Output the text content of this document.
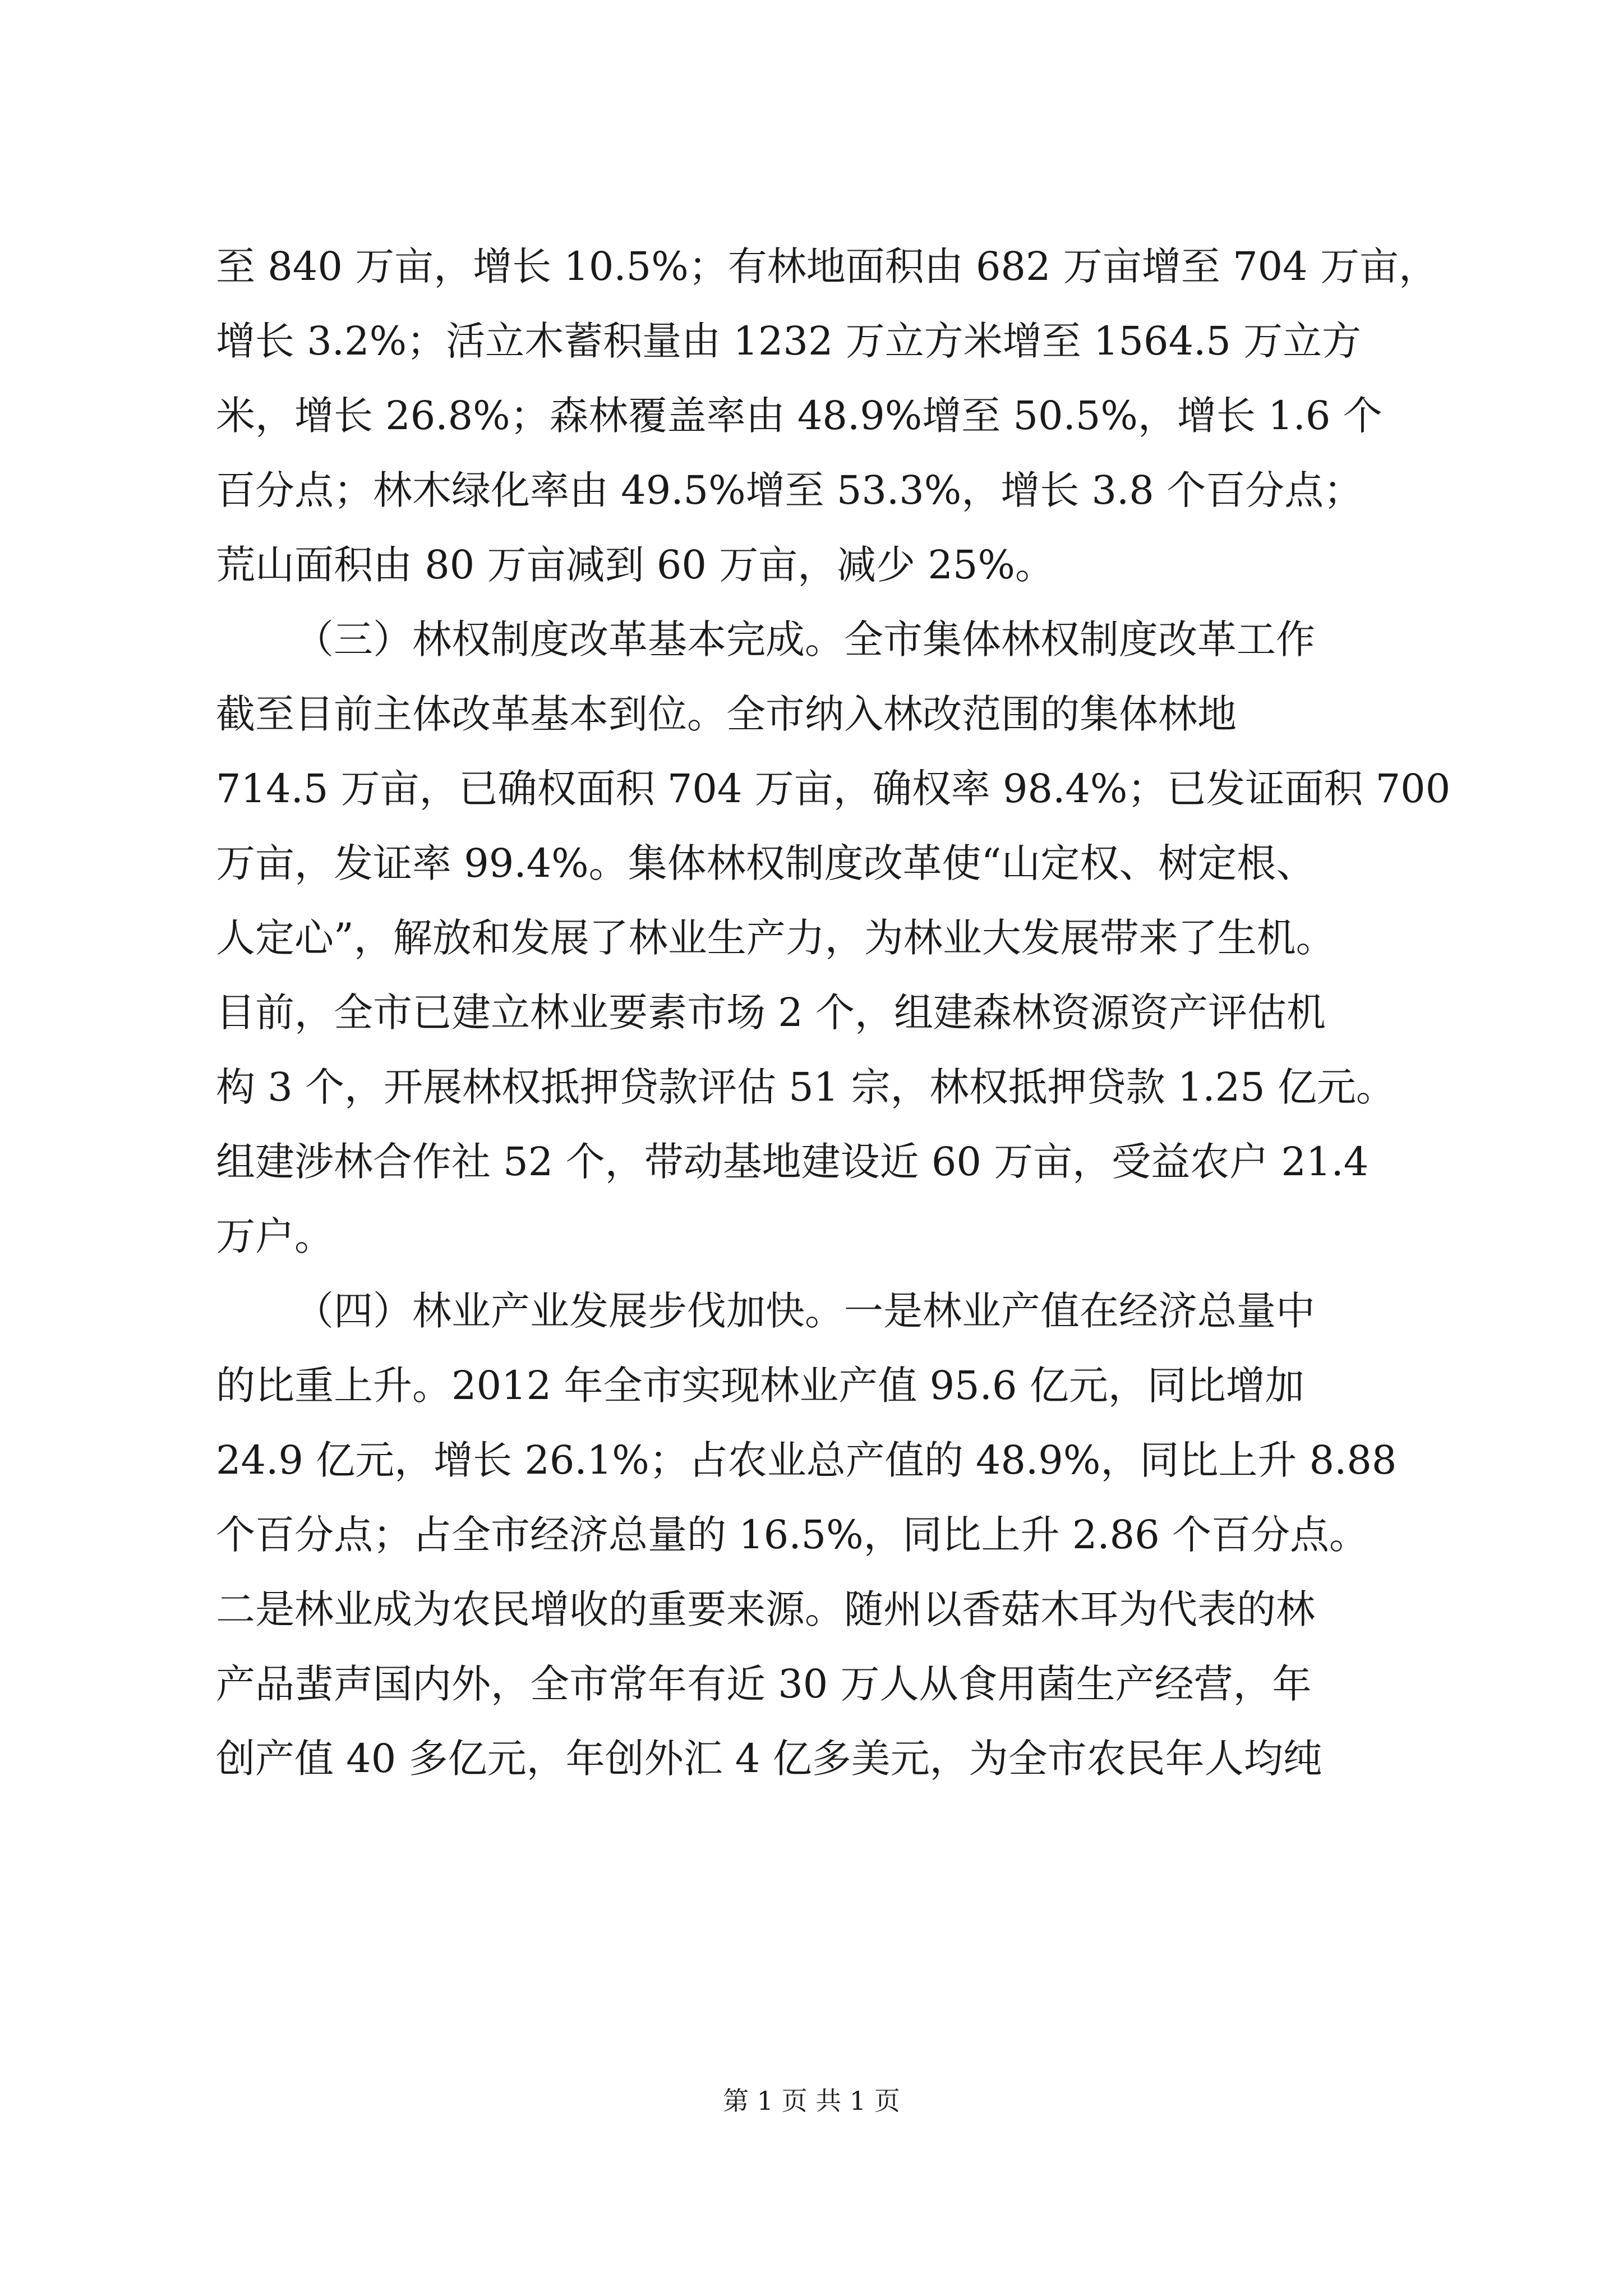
至 840 万亩，增长 10.5%；有林地面积由 682 万亩增至 704 万亩，
增长 3.2%；活立木蓄积量由 1232 万立方米增至 1564.5 万立方
米，增长 26.8%；森林覆盖率由 48.9%增至 50.5%，增长 1.6 个
百分点；林木绿化率由 49.5%增至 53.3%，增长 3.8 个百分点；
荒山面积由 80 万亩减到 60 万亩，减少 25%。
（三）林权制度改革基本完成。全市集体林权制度改革工作
截至目前主体改革基本到位。全市纳入林改范围的集体林地
714.5 万亩，已确权面积 704 万亩，确权率 98.4%；已发证面积 700
万亩，发证率 99.4%。集体林权制度改革使“山定权、树定根、
人定心”，解放和发展了林业生产力，为林业大发展带来了生机。
目前，全市已建立林业要素市场 2 个，组建森林资源资产评估机
构 3 个，开展林权抵押贷款评估 51 宗，林权抵押贷款 1.25 亿元。
组建涉林合作社 52 个，带动基地建设近 60 万亩，受益农户 21.4
万户。
（四）林业产业发展步伐加快。一是林业产值在经济总量中
的比重上升。2012 年全市实现林业产值 95.6 亿元，同比增加
24.9 亿元，增长 26.1%；占农业总产值的 48.9%，同比上升 8.88
个百分点；占全市经济总量的 16.5%，同比上升 2.86 个百分点。
二是林业成为农民增收的重要来源。随州以香菇木耳为代表的林
产品蜚声国内外，全市常年有近 30 万人从食用菌生产经营，年
创产值 40 多亿元，年创外汇 4 亿多美元，为全市农民年人均纯
第 1 页 共 1 页
